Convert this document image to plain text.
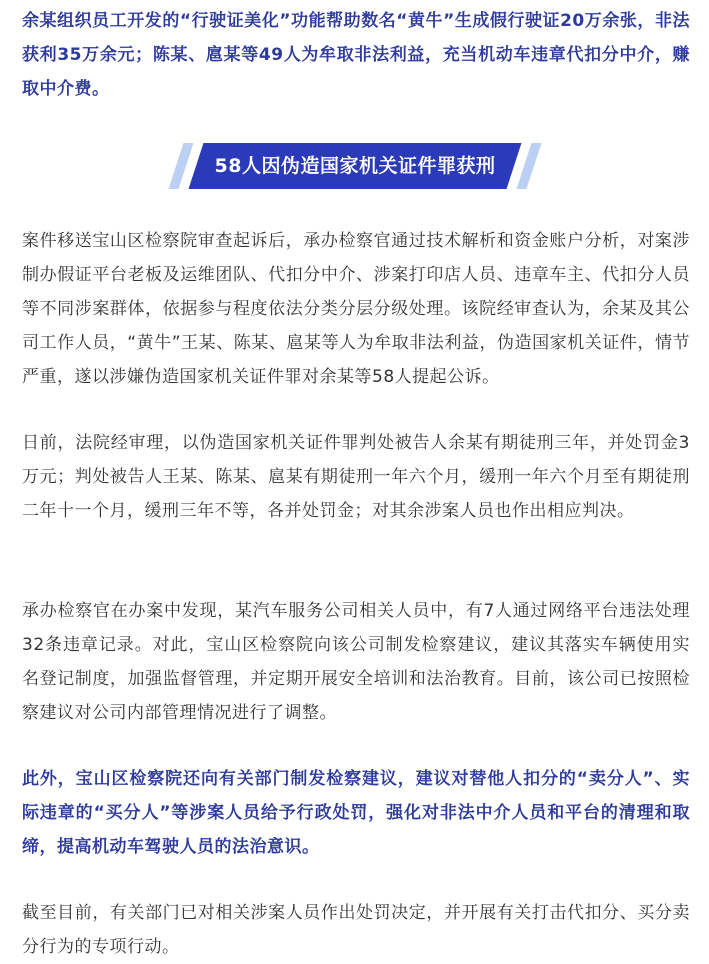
余某组织员工开发的“行驶证美化”功能帮助数名“黄牛”生成假行驶证20万余张，非法获利35万余元；陈某、扈某等49人为牟取非法利益，充当机动车违章代扣分中介，赚取中介费。

58人因伪造国家机关证件罪获刑

案件移送宝山区检察院审查起诉后，承办检察官通过技术解析和资金账户分析，对案涉制办假证平台老板及运维团队、代扣分中介、涉案打印店人员、违章车主、代扣分人员等不同涉案群体，依据参与程度依法分类分层分级处理。该院经审查认为，余某及其公司工作人员，“黄牛”王某、陈某、扈某等人为牟取非法利益，伪造国家机关证件，情节严重，遂以涉嫌伪造国家机关证件罪对余某等58人提起公诉。

日前，法院经审理，以伪造国家机关证件罪判处被告人余某有期徒刑三年，并处罚金3万元；判处被告人王某、陈某、扈某有期徒刑一年六个月，缓刑一年六个月至有期徒刑二年十一个月，缓刑三年不等，各并处罚金；对其余涉案人员也作出相应判决。

承办检察官在办案中发现，某汽车服务公司相关人员中，有7人通过网络平台违法处理32条违章记录。对此，宝山区检察院向该公司制发检察建议，建议其落实车辆使用实名登记制度，加强监督管理，并定期开展安全培训和法治教育。目前，该公司已按照检察建议对公司内部管理情况进行了调整。

此外，宝山区检察院还向有关部门制发检察建议，建议对替他人扣分的“卖分人”、实际违章的“买分人”等涉案人员给予行政处罚，强化对非法中介人员和平台的清理和取缔，提高机动车驾驶人员的法治意识。

截至目前，有关部门已对相关涉案人员作出处罚决定，并开展有关打击代扣分、买分卖分行为的专项行动。
